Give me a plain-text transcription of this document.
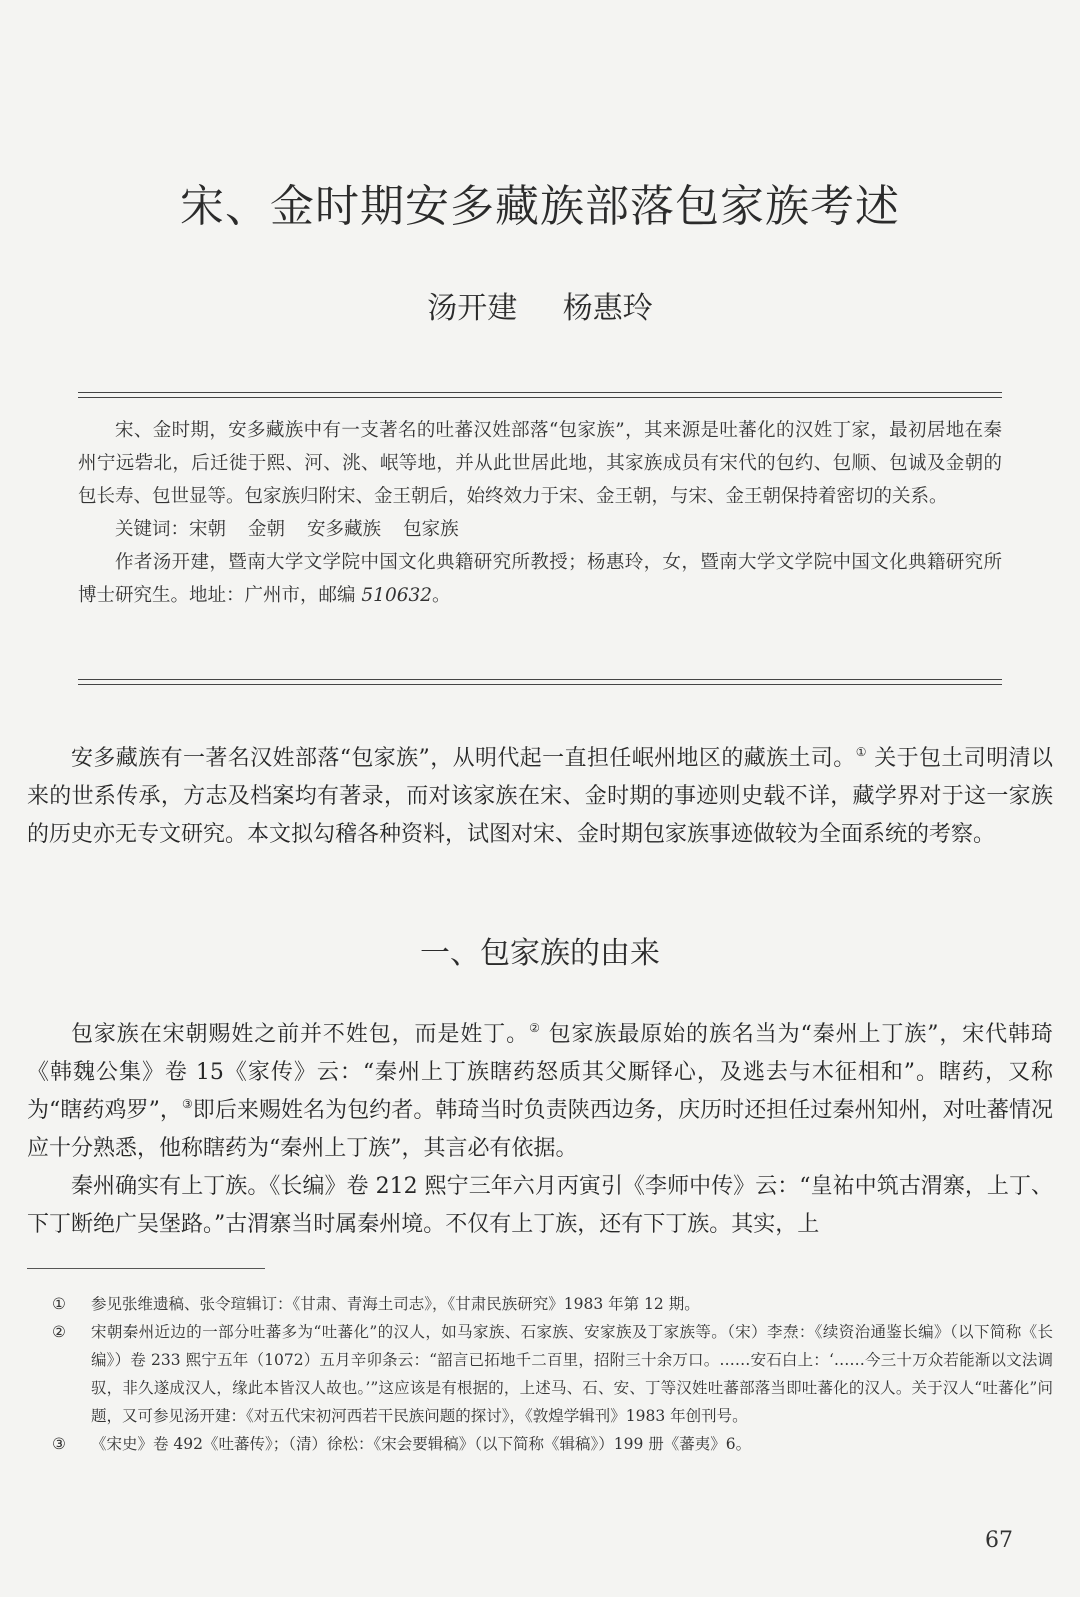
宋、金时期安多藏族部落包家族考述
汤开建 杨惠玲

宋、金时期，安多藏族中有一支著名的吐蕃汉姓部落“包家族”，其来源是吐蕃化的汉姓丁家，最初居地在秦州宁远砦北，后迁徙于熙、河、洮、岷等地，并从此世居此地，其家族成员有宋代的包约、包顺、包诚及金朝的包长寿、包世显等。包家族归附宋、金王朝后，始终效力于宋、金王朝，与宋、金王朝保持着密切的关系。

关键词：宋朝 金朝 安多藏族 包家族

作者汤开建，暨南大学文学院中国文化典籍研究所教授；杨惠玲，女，暨南大学文学院中国文化典籍研究所博士研究生。地址：广州市，邮编 510632。

安多藏族有一著名汉姓部落“包家族”，从明代起一直担任岷州地区的藏族土司。① 关于包土司明清以来的世系传承，方志及档案均有著录，而对该家族在宋、金时期的事迹则史载不详，藏学界对于这一家族的历史亦无专文研究。本文拟勾稽各种资料，试图对宋、金时期包家族事迹做较为全面系统的考察。

一、包家族的由来

包家族在宋朝赐姓之前并不姓包，而是姓丁。② 包家族最原始的族名当为“秦州上丁族”，宋代韩琦《韩魏公集》卷 15《家传》云：“秦州上丁族瞎药怒质其父厮铎心，及逃去与木征相和”。瞎药，又称为“瞎药鸡罗”，③即后来赐姓名为包约者。韩琦当时负责陕西边务，庆历时还担任过秦州知州，对吐蕃情况应十分熟悉，他称瞎药为“秦州上丁族”，其言必有依据。

秦州确实有上丁族。《长编》卷 212 熙宁三年六月丙寅引《李师中传》云：“皇祐中筑古渭寨，上丁、下丁断绝广吴堡路。”古渭寨当时属秦州境。不仅有上丁族，还有下丁族。其实，上

①	参见张维遗稿、张令瑄辑订：《甘肃、青海土司志》，《甘肃民族研究》1983 年第 12 期。
②	宋朝秦州近边的一部分吐蕃多为“吐蕃化”的汉人，如马家族、石家族、安家族及丁家族等。（宋）李焘：《续资治通鉴长编》（以下简称《长编》）卷 233 熙宁五年（1072）五月辛卯条云：“韶言已拓地千二百里，招附三十余万口。……安石白上：‘……今三十万众若能渐以文法调驭，非久遂成汉人，缘此本皆汉人故也。’”这应该是有根据的，上述马、石、安、丁等汉姓吐蕃部落当即吐蕃化的汉人。关于汉人“吐蕃化”问题，又可参见汤开建：《对五代宋初河西若干民族问题的探讨》，《敦煌学辑刊》1983 年创刊号。
③	《宋史》卷 492《吐蕃传》；（清）徐松：《宋会要辑稿》（以下简称《辑稿》）199 册《蕃夷》6。
67
